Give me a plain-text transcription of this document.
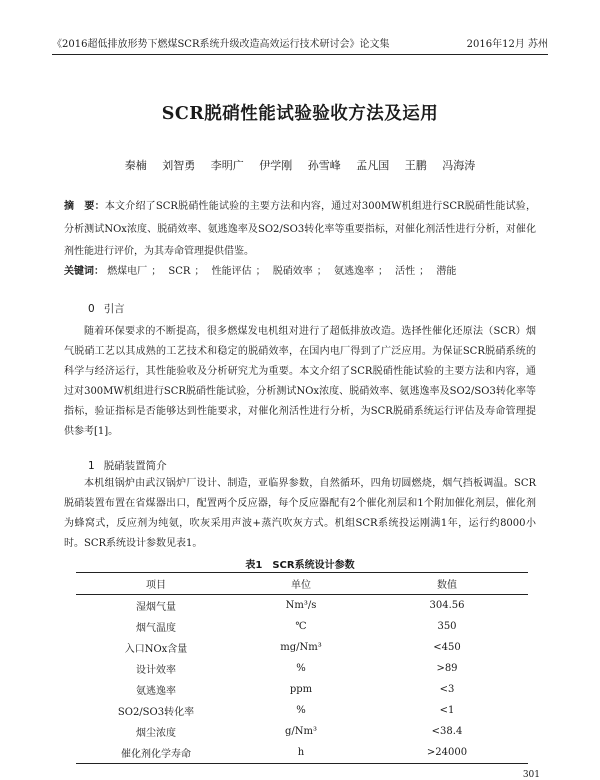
《2016超低排放形势下燃煤SCR系统升级改造高效运行技术研讨会》论文集	2016年12月 苏州
SCR脱硝性能试验验收方法及运用
秦楠 刘智勇 李明广 伊学刚 孙雪峰 孟凡国 王鹏 冯海涛
摘　要：本文介绍了SCR脱硝性能试验的主要方法和内容，通过对300MW机组进行SCR脱硝性能试验，分析测试NOx浓度、脱硝效率、氨逃逸率及SO2/SO3转化率等重要指标，对催化剂活性进行分析，对催化剂性能进行评价，为其寿命管理提供借鉴。
关键词： 燃煤电厂 ； SCR ； 性能评估 ； 脱硝效率 ； 氨逃逸率 ； 活性 ； 潜能
0 引言
随着环保要求的不断提高，很多燃煤发电机组对进行了超低排放改造。选择性催化还原法（SCR）烟气脱硝工艺以其成熟的工艺技术和稳定的脱硝效率，在国内电厂得到了广泛应用。为保证SCR脱硝系统的科学与经济运行，其性能验收及分析研究尤为重要。本文介绍了SCR脱硝性能试验的主要方法和内容，通过对300MW机组进行SCR脱硝性能试验，分析测试NOx浓度、脱硝效率、氨逃逸率及SO2/SO3转化率等指标，验证指标是否能够达到性能要求，对催化剂活性进行分析，为SCR脱硝系统运行评估及寿命管理提供参考[1]。
1 脱硝装置简介
本机组锅炉由武汉锅炉厂设计、制造，亚临界参数，自然循环，四角切圆燃烧，烟气挡板调温。SCR脱硝装置布置在省煤器出口，配置两个反应器，每个反应器配有2个催化剂层和1个附加催化剂层，催化剂为蜂窝式，反应剂为纯氨，吹灰采用声波+蒸汽吹灰方式。机组SCR系统投运刚满1年，运行约8000小时。SCR系统设计参数见表1。
表1 SCR系统设计参数
项目	单位	数值
湿烟气量	Nm³/s	304.56
烟气温度	℃	350
入口NOx含量	mg/Nm³	<450
设计效率	%	>89
氨逃逸率	ppm	<3
SO2/SO3转化率	%	<1
烟尘浓度	g/Nm³	<38.4
催化剂化学寿命	h	>24000
301
